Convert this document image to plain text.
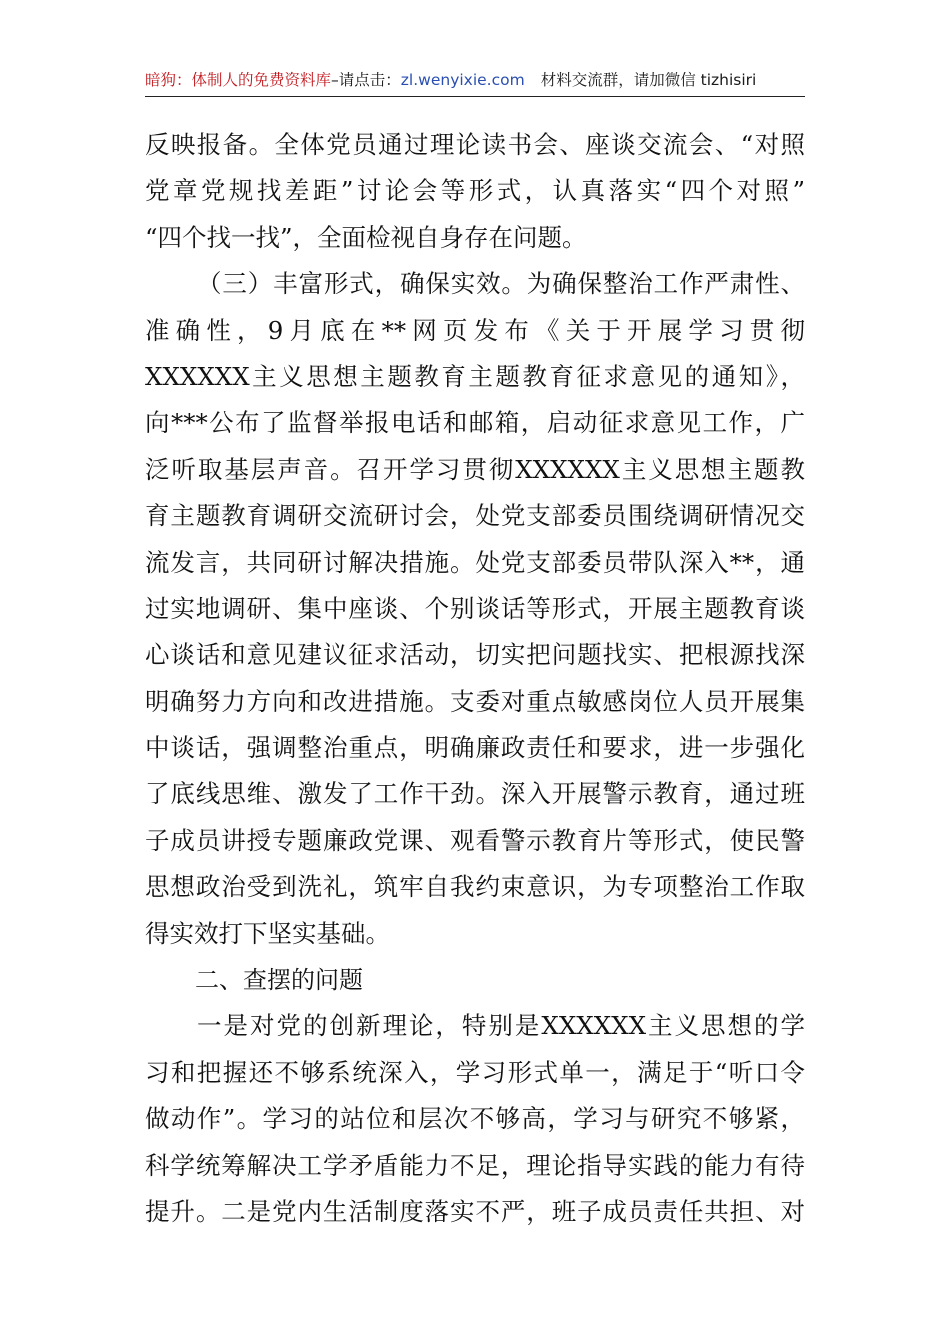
暗狗：体制人的免费资料库–请点击：zl.wenyixie.com 材料交流群，请加微信 tizhisiri
反映报备。全体党员通过理论读书会、座谈交流会、“对照
党章党规找差距”讨论会等形式，认真落实“四个对照”
“四个找一找”，全面检视自身存在问题。
（三）丰富形式，确保实效。为确保整治工作严肃性、
准确性，9月底在**网页发布《关于开展学习贯彻
XXXXXX主义思想主题教育主题教育征求意见的通知》，
向***公布了监督举报电话和邮箱，启动征求意见工作，广
泛听取基层声音。召开学习贯彻XXXXXX主义思想主题教
育主题教育调研交流研讨会，处党支部委员围绕调研情况交
流发言，共同研讨解决措施。处党支部委员带队深入**，通
过实地调研、集中座谈、个别谈话等形式，开展主题教育谈
心谈话和意见建议征求活动，切实把问题找实、把根源找深
明确努力方向和改进措施。支委对重点敏感岗位人员开展集
中谈话，强调整治重点，明确廉政责任和要求，进一步强化
了底线思维、激发了工作干劲。深入开展警示教育，通过班
子成员讲授专题廉政党课、观看警示教育片等形式，使民警
思想政治受到洗礼，筑牢自我约束意识，为专项整治工作取
得实效打下坚实基础。
二、查摆的问题
一是对党的创新理论，特别是XXXXXX主义思想的学
习和把握还不够系统深入，学习形式单一，满足于“听口令
做动作”。学习的站位和层次不够高，学习与研究不够紧，
科学统筹解决工学矛盾能力不足，理论指导实践的能力有待
提升。二是党内生活制度落实不严，班子成员责任共担、对
